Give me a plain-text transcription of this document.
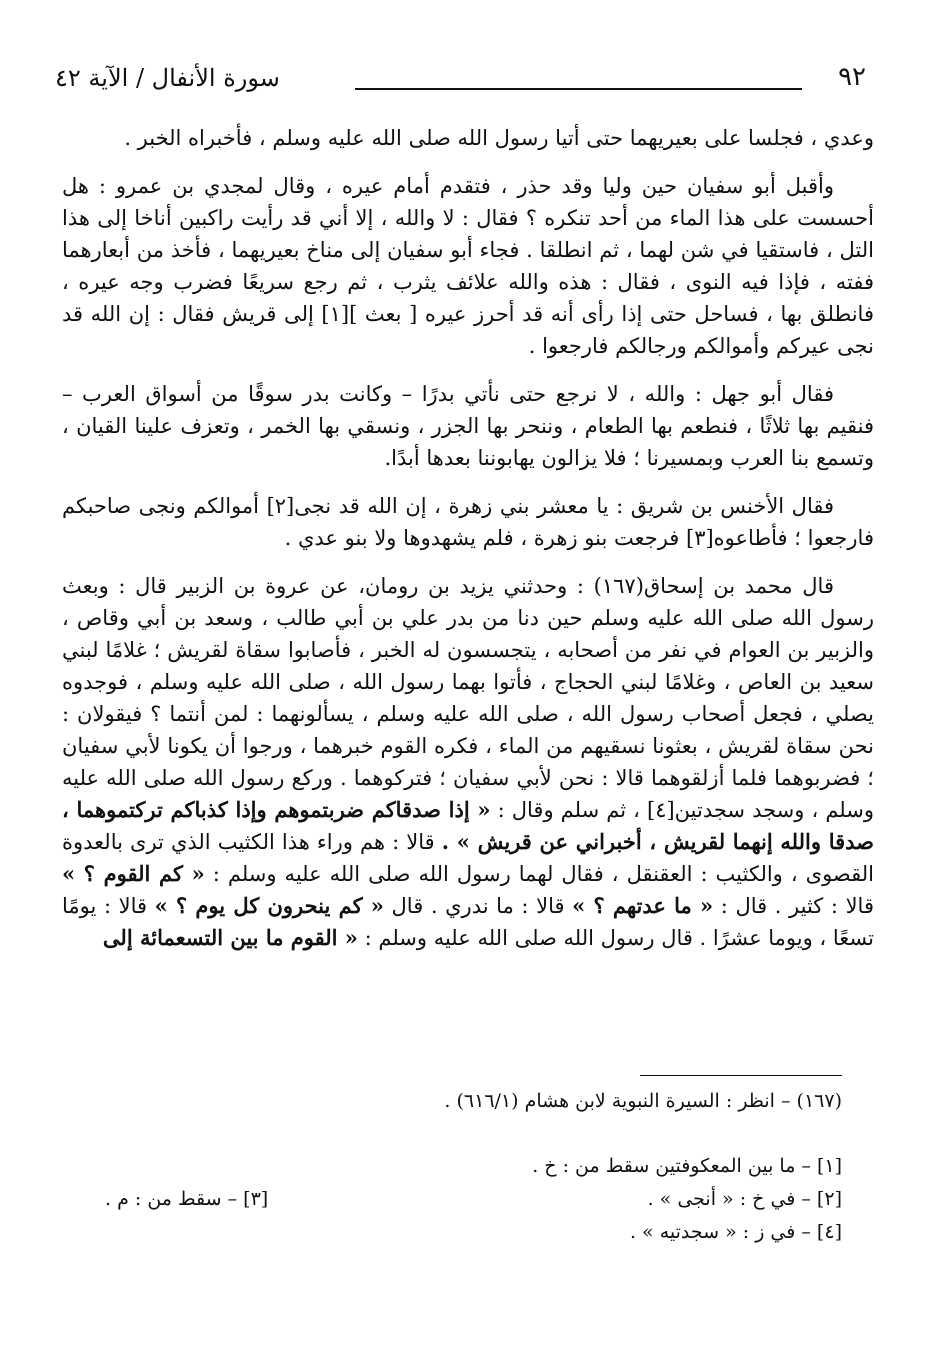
٩٢
سورة الأنفال / الآية ٤٢

وعدي ، فجلسا على بعيريهما حتى أتيا رسول الله صلى الله عليه وسلم ، فأخبراه الخبر .

وأقبل أبو سفيان حين وليا وقد حذر ، فتقدم أمام عيره ، وقال لمجدي بن عمرو : هل أحسست على هذا الماء من أحد تنكره ؟ فقال : لا والله ، إلا أني قد رأيت راكبين أناخا إلى هذا التل ، فاستقيا في شن لهما ، ثم انطلقا . فجاء أبو سفيان إلى مناخ بعيريهما ، فأخذ من أبعارهما ففته ، فإذا فيه النوى ، فقال : هذه والله علائف يثرب ، ثم رجع سريعًا فضرب وجه عيره ، فانطلق بها ، فساحل حتى إذا رأى أنه قد أحرز عيره [ بعث ][١] إلى قريش فقال : إن الله قد نجى عيركم وأموالكم ورجالكم فارجعوا .

فقال أبو جهل : والله ، لا نرجع حتى نأتي بدرًا – وكانت بدر سوقًا من أسواق العرب – فنقيم بها ثلاثًا ، فنطعم بها الطعام ، وننحر بها الجزر ، ونسقي بها الخمر ، وتعزف علينا القيان ، وتسمع بنا العرب وبمسيرنا ؛ فلا يزالون يهابوننا بعدها أبدًا.

فقال الأخنس بن شريق : يا معشر بني زهرة ، إن الله قد نجى[٢] أموالكم ونجى صاحبكم فارجعوا ؛ فأطاعوه[٣] فرجعت بنو زهرة ، فلم يشهدوها ولا بنو عدي .

قال محمد بن إسحاق(١٦٧) : وحدثني يزيد بن رومان، عن عروة بن الزبير قال : وبعث رسول الله صلى الله عليه وسلم حين دنا من بدر علي بن أبي طالب ، وسعد بن أبي وقاص ، والزبير بن العوام في نفر من أصحابه ، يتجسسون له الخبر ، فأصابوا سقاة لقريش ؛ غلامًا لبني سعيد بن العاص ، وغلامًا لبني الحجاج ، فأتوا بهما رسول الله ، صلى الله عليه وسلم ، فوجدوه يصلي ، فجعل أصحاب رسول الله ، صلى الله عليه وسلم ، يسألونهما : لمن أنتما ؟ فيقولان : نحن سقاة لقريش ، بعثونا نسقيهم من الماء ، فكره القوم خبرهما ، ورجوا أن يكونا لأبي سفيان ؛ فضربوهما فلما أزلقوهما قالا : نحن لأبي سفيان ؛ فتركوهما . وركع رسول الله صلى الله عليه وسلم ، وسجد سجدتين[٤] ، ثم سلم وقال : « إذا صدقاكم ضربتموهم وإذا كذباكم تركتموهما ، صدقا والله إنهما لقريش ، أخبراني عن قريش » . قالا : هم وراء هذا الكثيب الذي ترى بالعدوة القصوى ، والكثيب : العقنقل ، فقال لهما رسول الله صلى الله عليه وسلم : « كم القوم ؟ » قالا : كثير . قال : « ما عدتهم ؟ » قالا : ما ندري . قال « كم ينحرون كل يوم ؟ » قالا : يومًا تسعًا ، ويوما عشرًا . قال رسول الله صلى الله عليه وسلم : « القوم ما بين التسعمائة إلى

(١٦٧) – انظر : السيرة النبوية لابن هشام (٦١٦/١) .
[١] – ما بين المعكوفتين سقط من : خ .
[٢] – في خ : « أنجى » .
[٤] – في ز : « سجدتيه » .
[٣] – سقط من : م .
